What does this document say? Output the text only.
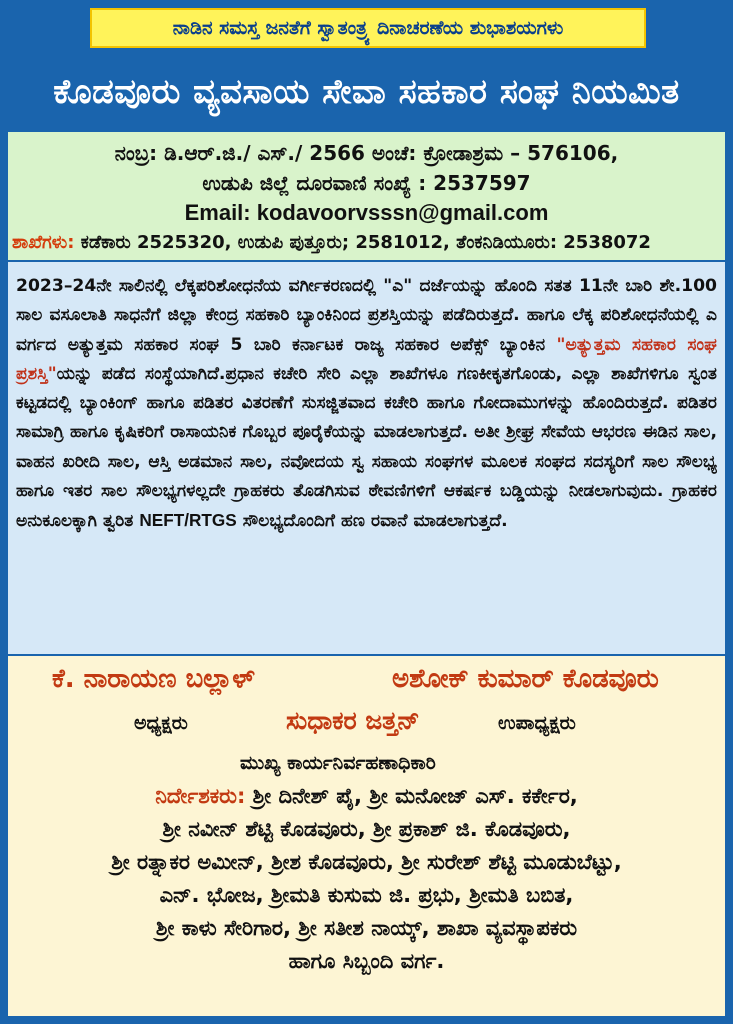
ನಾಡಿನ ಸಮಸ್ತ ಜನತೆಗೆ ಸ್ವಾತಂತ್ರ್ಯ ದಿನಾಚರಣೆಯ ಶುಭಾಶಯಗಳು
ಕೊಡವೂರು ವ್ಯವಸಾಯ ಸೇವಾ ಸಹಕಾರ ಸಂಘ ನಿಯಮಿತ
ನಂಬ್ರ: ಡಿ.ಆರ್.ಜಿ./ ಎಸ್./ 2566 ಅಂಚೆ: ಕ್ರೋಡಾಶ್ರಮ – 576106,
ಉಡುಪಿ ಜಿಲ್ಲೆ ದೂರವಾಣಿ ಸಂಖ್ಯೆ : 2537597
Email: kodavoorvsssn@gmail.com
ಶಾಖೆಗಳು: ಕಡೆಕಾರು 2525320, ಉಡುಪಿ ಪುತ್ತೂರು; 2581012, ತೆಂಕನಿಡಿಯೂರು: 2538072
2023–24ನೇ ಸಾಲಿನಲ್ಲಿ ಲೆಕ್ಕಪರಿಶೋಧನೆಯ ವರ್ಗೀಕರಣದಲ್ಲಿ "ಎ" ದರ್ಜೆಯನ್ನು ಹೊಂದಿ ಸತತ 11ನೇ ಬಾರಿ ಶೇ.100 ಸಾಲ ವಸೂಲಾತಿ ಸಾಧನೆಗೆ ಜಿಲ್ಲಾ ಕೇಂದ್ರ ಸಹಕಾರಿ ಬ್ಯಾಂಕಿನಿಂದ ಪ್ರಶಸ್ತಿಯನ್ನು ಪಡೆದಿರುತ್ತದೆ. ಹಾಗೂ ಲೆಕ್ಕ ಪರಿಶೋಧನೆಯಲ್ಲಿ ಎ ವರ್ಗದ ಅತ್ಯುತ್ತಮ ಸಹಕಾರ ಸಂಘ 5 ಬಾರಿ ಕರ್ನಾಟಕ ರಾಜ್ಯ ಸಹಕಾರ ಅಪೆಕ್ಸ್ ಬ್ಯಾಂಕಿನ "ಅತ್ಯುತ್ತಮ ಸಹಕಾರ ಸಂಘ ಪ್ರಶಸ್ತಿ"ಯನ್ನು ಪಡೆದ ಸಂಸ್ಥೆಯಾಗಿದೆ.ಪ್ರಧಾನ ಕಚೇರಿ ಸೇರಿ ಎಲ್ಲಾ ಶಾಖೆಗಳೂ ಗಣಕೀಕೃತಗೊಂಡು, ಎಲ್ಲಾ ಶಾಖೆಗಳಿಗೂ ಸ್ವಂತ ಕಟ್ಟಡದಲ್ಲಿ ಬ್ಯಾಂಕಿಂಗ್ ಹಾಗೂ ಪಡಿತರ ವಿತರಣೆಗೆ ಸುಸಜ್ಜಿತವಾದ ಕಚೇರಿ ಹಾಗೂ ಗೋದಾಮುಗಳನ್ನು ಹೊಂದಿರುತ್ತದೆ. ಪಡಿತರ ಸಾಮಾಗ್ರಿ ಹಾಗೂ ಕೃಷಿಕರಿಗೆ ರಾಸಾಯನಿಕ ಗೊಬ್ಬರ ಪೂರೈಕೆಯನ್ನು ಮಾಡಲಾಗುತ್ತದೆ. ಅತೀ ಶ್ರೀಘ್ರ ಸೇವೆಯ ಆಭರಣ ಈಡಿನ ಸಾಲ, ವಾಹನ ಖರೀದಿ ಸಾಲ, ಆಸ್ತಿ ಅಡಮಾನ ಸಾಲ, ನವೋದಯ ಸ್ವ ಸಹಾಯ ಸಂಘಗಳ ಮೂಲಕ ಸಂಘದ ಸದಸ್ಯರಿಗೆ ಸಾಲ ಸೌಲಭ್ಯ ಹಾಗೂ ಇತರ ಸಾಲ ಸೌಲಭ್ಯಗಳಲ್ಲದೇ ಗ್ರಾಹಕರು ತೊಡಗಿಸುವ ಠೇವಣಿಗಳಿಗೆ ಆಕರ್ಷಕ ಬಡ್ಡಿಯನ್ನು ನೀಡಲಾಗುವುದು. ಗ್ರಾಹಕರ ಅನುಕೂಲಕ್ಕಾಗಿ ತ್ವರಿತ NEFT/RTGS ಸೌಲಭ್ಯದೊಂದಿಗೆ ಹಣ ರವಾನೆ ಮಾಡಲಾಗುತ್ತದೆ.
ಕೆ. ನಾರಾಯಣ ಬಲ್ಲಾಳ್	ಅಶೋಕ್ ಕುಮಾರ್ ಕೊಡವೂರು
ಅಧ್ಯಕ್ಷರು	ಸುಧಾಕರ ಜತ್ತನ್	ಉಪಾಧ್ಯಕ್ಷರು
ಮುಖ್ಯ ಕಾರ್ಯನಿರ್ವಹಣಾಧಿಕಾರಿ
ನಿರ್ದೇಶಕರು: ಶ್ರೀ ದಿನೇಶ್ ಪೈ, ಶ್ರೀ ಮನೋಜ್ ಎಸ್. ಕರ್ಕೇರ,
ಶ್ರೀ ನವೀನ್ ಶೆಟ್ಟಿ ಕೊಡವೂರು, ಶ್ರೀ ಪ್ರಕಾಶ್ ಜಿ. ಕೊಡವೂರು,
ಶ್ರೀ ರತ್ನಾಕರ ಅಮೀನ್, ಶ್ರೀಶ ಕೊಡವೂರು, ಶ್ರೀ ಸುರೇಶ್ ಶೆಟ್ಟಿ ಮೂಡುಬೆಟ್ಟು,
ಎನ್. ಭೋಜ, ಶ್ರೀಮತಿ ಕುಸುಮ ಜಿ. ಪ್ರಭು, ಶ್ರೀಮತಿ ಬಬಿತ,
ಶ್ರೀ ಕಾಳು ಸೇರಿಗಾರ, ಶ್ರೀ ಸತೀಶ ನಾಯ್ಕ್, ಶಾಖಾ ವ್ಯವಸ್ಥಾಪಕರು
ಹಾಗೂ ಸಿಬ್ಬಂದಿ ವರ್ಗ.
